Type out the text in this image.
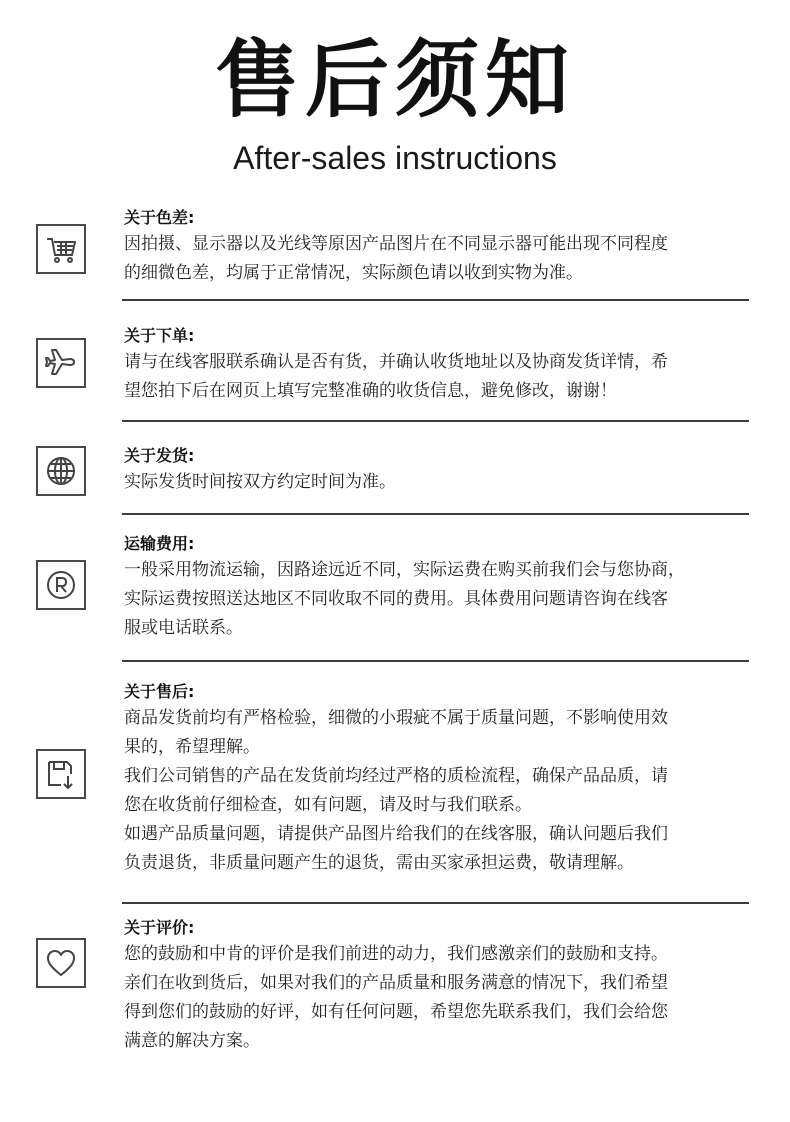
售后须知
After-sales instructions
关于色差:
因拍摄、显示器以及光线等原因产品图片在不同显示器可能出现不同程度
的细微色差，均属于正常情况，实际颜色请以收到实物为准。
关于下单:
请与在线客服联系确认是否有货，并确认收货地址以及协商发货详情，希
望您拍下后在网页上填写完整准确的收货信息，避免修改，谢谢！
关于发货:
实际发货时间按双方约定时间为准。
运输费用:
一般采用物流运输，因路途远近不同，实际运费在购买前我们会与您协商，
实际运费按照送达地区不同收取不同的费用。具体费用问题请咨询在线客
服或电话联系。
关于售后:
商品发货前均有严格检验，细微的小瑕疵不属于质量问题，不影响使用效
果的，希望理解。
我们公司销售的产品在发货前均经过严格的质检流程，确保产品品质，请
您在收货前仔细检查，如有问题，请及时与我们联系。
如遇产品质量问题，请提供产品图片给我们的在线客服，确认问题后我们
负责退货，非质量问题产生的退货，需由买家承担运费，敬请理解。
关于评价:
您的鼓励和中肯的评价是我们前进的动力，我们感激亲们的鼓励和支持。
亲们在收到货后，如果对我们的产品质量和服务满意的情况下，我们希望
得到您们的鼓励的好评，如有任何问题，希望您先联系我们，我们会给您
满意的解决方案。
